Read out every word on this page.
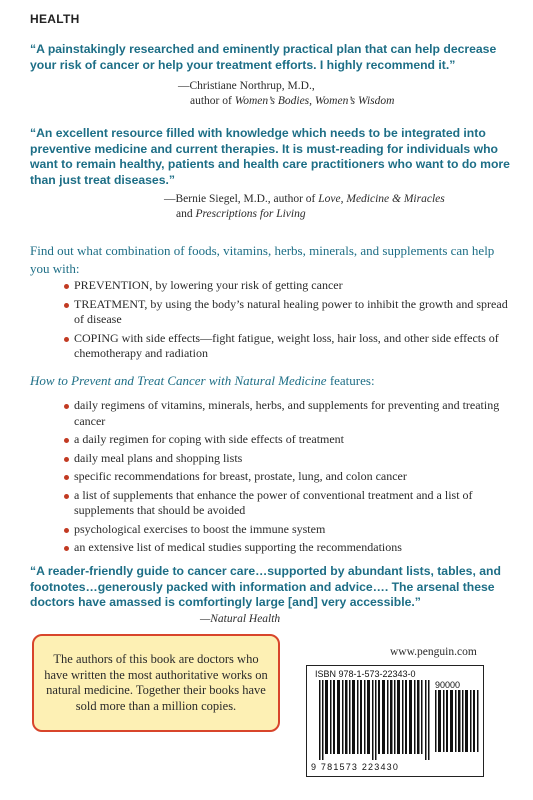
HEALTH
“A painstakingly researched and eminently practical plan that can help decrease your risk of cancer or help your treatment efforts. I highly recommend it.”
—Christiane Northrup, M.D.,
author of Women’s Bodies, Women’s Wisdom
“An excellent resource filled with knowledge which needs to be integrated into preventive medicine and current therapies. It is must-reading for individuals who want to remain healthy, patients and health care practitioners who want to do more than just treat diseases.”
—Bernie Siegel, M.D., author of Love, Medicine & Miracles
and Prescriptions for Living
Find out what combination of foods, vitamins, herbs, minerals, and supplements can help you with:
PREVENTION, by lowering your risk of getting cancer
TREATMENT, by using the body’s natural healing power to inhibit the growth and spread of disease
COPING with side effects—fight fatigue, weight loss, hair loss, and other side effects of chemotherapy and radiation
How to Prevent and Treat Cancer with Natural Medicine features:
daily regimens of vitamins, minerals, herbs, and supplements for preventing and treating cancer
a daily regimen for coping with side effects of treatment
daily meal plans and shopping lists
specific recommendations for breast, prostate, lung, and colon cancer
a list of supplements that enhance the power of conventional treatment and a list of supplements that should be avoided
psychological exercises to boost the immune system
an extensive list of medical studies supporting the recommendations
“A reader-friendly guide to cancer care…supported by abundant lists, tables, and footnotes…generously packed with information and advice…. The arsenal these doctors have amassed is comfortingly large [and] very accessible.”
—Natural Health
The authors of this book are doctors who have written the most authoritative works on natural medicine. Together their books have sold more than a million copies.
www.penguin.com
ISBN 978-1-573-22343-0
90000
9 781573 223430
